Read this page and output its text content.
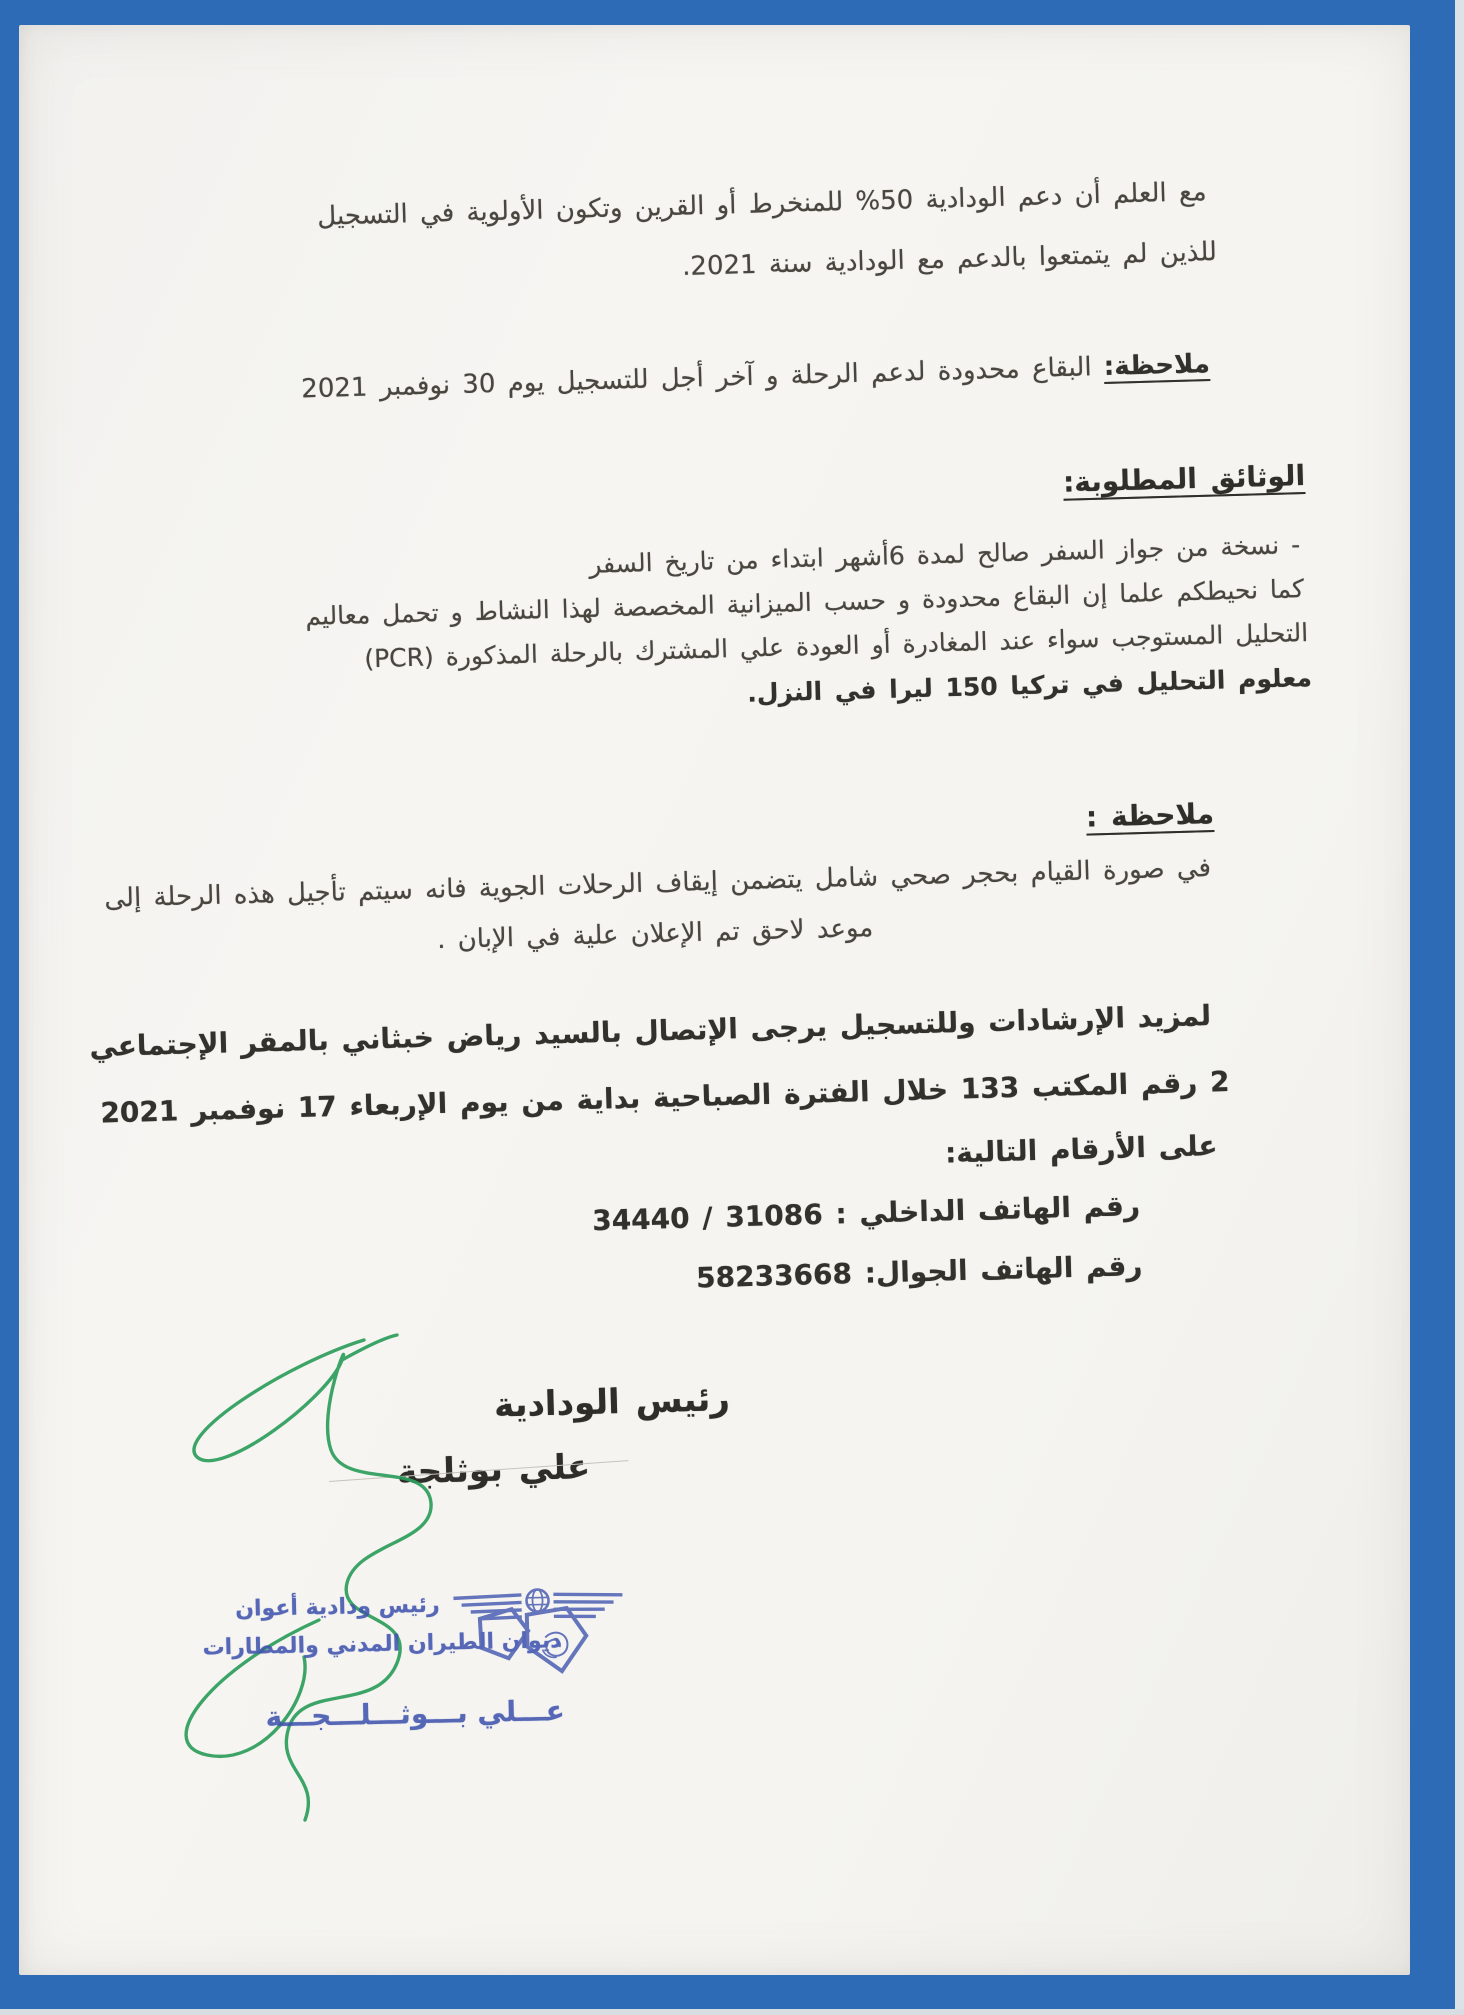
مع العلم أن دعم الودادية 50% للمنخرط أو القرين وتكون الأولوية في التسجيل
للذين لم يتمتعوا بالدعم مع الودادية سنة 2021.
ملاحظة: البقاع محدودة لدعم الرحلة و آخر أجل للتسجيل يوم 30 نوفمبر 2021
الوثائق المطلوبة:
- نسخة من جواز السفر صالح لمدة 6أشهر ابتداء من تاريخ السفر
كما نحيطكم علما إن البقاع محدودة و حسب الميزانية المخصصة لهذا النشاط و تحمل معاليم
التحليل المستوجب سواء عند المغادرة أو العودة علي المشترك بالرحلة المذكورة (PCR)
معلوم التحليل في تركيا 150 ليرا في النزل.
ملاحظة :
في صورة القيام بحجر صحي شامل يتضمن إيقاف الرحلات الجوية فانه سيتم تأجيل هذه الرحلة إلى
موعد لاحق تم الإعلان علية في الإبان .
لمزيد الإرشادات وللتسجيل يرجى الإتصال بالسيد رياض خبثاني بالمقر الإجتماعي
2 رقم المكتب 133 خلال الفترة الصباحية بداية من يوم الإربعاء 17 نوفمبر 2021
على الأرقام التالية:
رقم الهاتف الداخلي : 31086 / 34440
رقم الهاتف الجوال: 58233668
رئيس الودادية
علي بوثلجة
رئيس ودادية أعوان
ديوان الطيران المدني والمطارات
عـــلي بـــوثـــلـــجـــة
